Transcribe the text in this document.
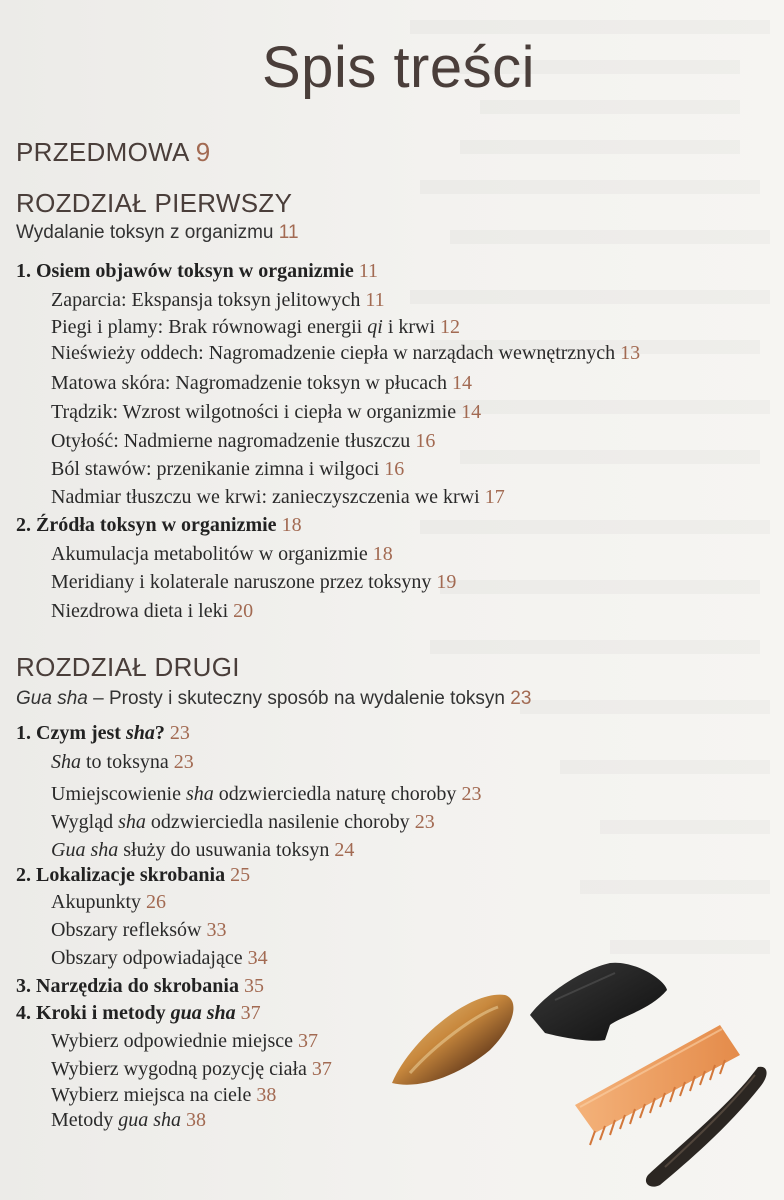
Spis treści
PRZEDMOWA 9
ROZDZIAŁ PIERWSZY
Wydalanie toksyn z organizmu 11
1. Osiem objawów toksyn w organizmie 11
Zaparcia: Ekspansja toksyn jelitowych 11
Piegi i plamy: Brak równowagi energii qi i krwi 12
Nieświeży oddech: Nagromadzenie ciepła w narządach wewnętrznych 13
Matowa skóra: Nagromadzenie toksyn w płucach 14
Trądzik: Wzrost wilgotności i ciepła w organizmie 14
Otyłość: Nadmierne nagromadzenie tłuszczu 16
Ból stawów: przenikanie zimna i wilgoci 16
Nadmiar tłuszczu we krwi: zanieczyszczenia we krwi 17
2. Źródła toksyn w organizmie 18
Akumulacja metabolitów w organizmie 18
Meridiany i kolaterale naruszone przez toksyny 19
Niezdrowa dieta i leki 20
ROZDZIAŁ DRUGI
Gua sha – Prosty i skuteczny sposób na wydalenie toksyn 23
1. Czym jest sha? 23
Sha to toksyna 23
Umiejscowienie sha odzwierciedla naturę choroby 23
Wygląd sha odzwierciedla nasilenie choroby 23
Gua sha służy do usuwania toksyn 24
2. Lokalizacje skrobania 25
Akupunkty 26
Obszary refleksów 33
Obszary odpowiadające 34
3. Narzędzia do skrobania 35
4. Kroki i metody gua sha 37
Wybierz odpowiednie miejsce 37
Wybierz wygodną pozycję ciała 37
Wybierz miejsca na ciele 38
Metody gua sha 38
